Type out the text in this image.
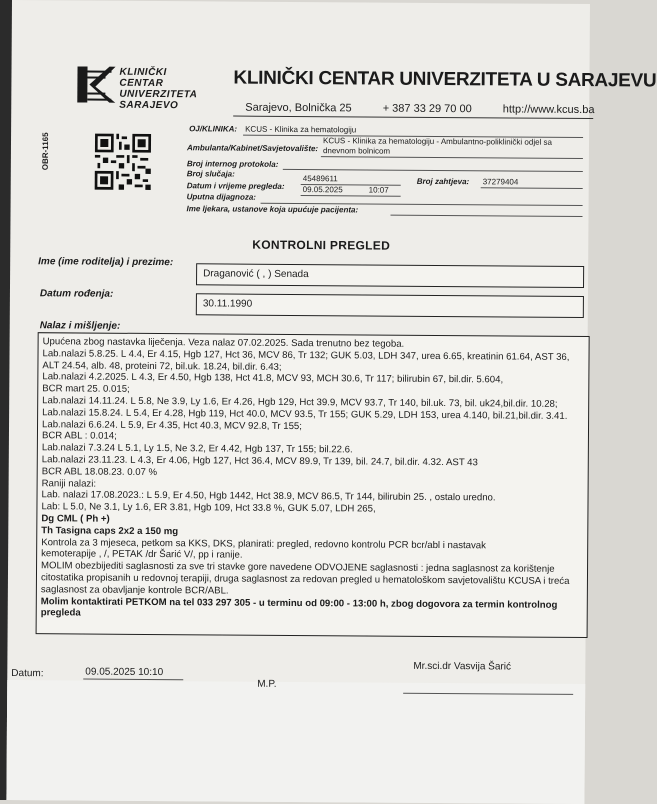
KLINIČKI
CENTAR
UNIVERZITETA
SARAJEVO
KLINIČKI CENTAR UNIVERZITETA U SARAJEVU
Sarajevo, Bolnička 25	+ 387 33 29 70 00	http://www.kcus.ba
OBR-1165
OJ/KLINIKA: KCUS - Klinika za hematologiju
Ambulanta/Kabinet/Savjetovalište:
KCUS - Klinika za hematologiju - Ambulantno-poliklinički odjel sa
dnevnom bolnicom
Broj internog protokola:
Broj slučaja:
45489611	Broj zahtjeva: 37279404
Datum i vrijeme pregleda: 09.05.2025	10:07
Uputna dijagnoza:
Ime ljekara, ustanove koja upućuje pacijenta:
KONTROLNI PREGLED
Ime (ime roditelja) i prezime:
Draganović ( , ) Senada
Datum rođenja:
30.11.1990
Nalaz i mišljenje:
Upućena zbog nastavka liječenja. Veza nalaz 07.02.2025. Sada trenutno bez tegoba.
Lab.nalazi 5.8.25. L 4.4, Er 4.15, Hgb 127, Hct 36, MCV 86, Tr 132; GUK 5.03, LDH 347, urea 6.65, kreatinin 61.64, AST 36,
ALT 24.54, alb. 48, proteini 72, bil.uk. 18.24, bil.dir. 6.43;
Lab.nalazi 4.2.2025. L 4.3, Er 4.50, Hgb 138, Hct 41.8, MCV 93, MCH 30.6, Tr 117; bilirubin 67, bil.dir. 5.604,
BCR mart 25. 0.015;
Lab.nalazi 14.11.24. L 5.8, Ne 3.9, Ly 1.6, Er 4.26, Hgb 129, Hct 39.9, MCV 93.7, Tr 140, bil.uk. 73, bil. uk24,bil.dir. 10.28;
Lab.nalazi 15.8.24. L 5.4, Er 4.28, Hgb 119, Hct 40.0, MCV 93.5, Tr 155; GUK 5.29, LDH 153, urea 4.140, bil.21,bil.dir. 3.41.
Lab.nalazi 6.6.24. L 5.9, Er 4.35, Hct 40.3, MCV 92.8, Tr 155;
BCR ABL : 0.014;
Lab.nalazi 7.3.24 L 5.1, Ly 1.5, Ne 3.2, Er 4.42, Hgb 137, Tr 155; bil.22.6.
Lab.nalazi 23.11.23. L 4.3, Er 4.06, Hgb 127, Hct 36.4, MCV 89.9, Tr 139, bil. 24.7, bil.dir. 4.32. AST 43
BCR ABL 18.08.23. 0.07 %
Raniji nalazi:
Lab. nalazi 17.08.2023.: L 5.9, Er 4.50, Hgb 1442, Hct 38.9, MCV 86.5, Tr 144, bilirubin 25. , ostalo uredno.
Lab: L 5.0, Ne 3.1, Ly 1.6, ER 3.81, Hgb 109, Hct 33.8 %, GUK 5.07, LDH 265,
Dg CML ( Ph +)
Th Tasigna caps 2x2 a 150 mg
Kontrola za 3 mjeseca, petkom sa KKS, DKS, planirati: pregled, redovno kontrolu PCR bcr/abl i nastavak
kemoterapije , /, PETAK /dr Šarić V/, pp i ranije.
MOLIM obezbijediti saglasnosti za sve tri stavke gore navedene ODVOJENE saglasnosti : jedna saglasnost za korištenje
citostatika propisanih u redovnoj terapiji, druga saglasnost za redovan pregled u hematološkom savjetovalištu KCUSA i treća
saglasnost za obavljanje kontrole BCR/ABL.
Molim kontaktirati PETKOM na tel 033 297 305 - u terminu od 09:00 - 13:00 h, zbog dogovora za termin kontrolnog
pregleda
Datum:	09.05.2025 10:10
M.P.
Mr.sci.dr Vasvija Šarić
